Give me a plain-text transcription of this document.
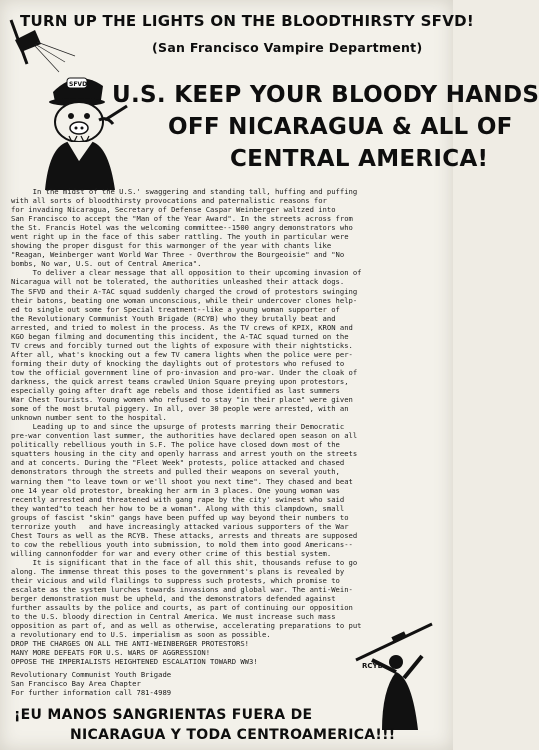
TURN UP THE LIGHTS ON THE BLOODTHIRSTY SFVD!
(San Francisco Vampire Department)
SFVD U.S. KEEP YOUR BLOODY HANDS
OFF NICARAGUA & ALL OF
CENTRAL AMERICA!
In the midst of the U.S.' swaggering and standing tall, huffing and puffing
with all sorts of bloodthirsty provocations and paternalistic reasons for
for invading Nicaragua, Secretary of Defense Caspar Weinberger waltzed into
San Francisco to accept the "Man of the Year Award". In the streets across from
the St. Francis Hotel was the welcoming committee--1500 angry demonstrators who
went right up in the face of this saber rattling. The youth in particular were
showing the proper disgust for this warmonger of the year with chants like
"Reagan, Weinberger want World War Three - Overthrow the Bourgeoisie" and "No
bombs, No war, U.S. out of Central America".
To deliver a clear message that all opposition to their upcoming invasion of
Nicaragua will not be tolerated, the authorities unleashed their attack dogs.
The SFVD and their A-TAC squad suddenly charged the crowd of protestors swinging
their batons, beating one woman unconscious, while their undercover clones help-
ed to single out some for Special treatment--like a young woman supporter of
the Revolutionary Communist Youth Brigade (RCYB) who they brutally beat and
arrested, and tried to molest in the process. As the TV crews of KPIX, KRON and
KGO began filming and documenting this incident, the A-TAC squad turned on the
TV crews and forcibly turned out the lights of exposure with their nightsticks.
After all, what's knocking out a few TV camera lights when the police were per-
forming their duty of knocking the daylights out of protestors who refused to
tow the official government line of pro-invasion and pro-war. Under the cloak of
darkness, the quick arrest teams crawled Union Square preying upon protestors,
especially going after draft age rebels and those identified as last summers
War Chest Tourists. Young women who refused to stay "in their place" were given
some of the most brutal piggery. In all, over 30 people were arrested, with an
unknown number sent to the hospital.
Leading up to and since the upsurge of protests marring their Democratic
pre-war convention last summer, the authorities have declared open season on all
politically rebellious youth in S.F. The police have closed down most of the
squatters housing in the city and openly harrass and arrest youth on the streets
and at concerts. During the "Fleet Week" protests, police attacked and chased
demonstrators through the streets and pulled their weapons on several youth,
warning them "to leave town or we'll shoot you next time". They chased and beat
one 14 year old protestor, breaking her arm in 3 places. One young woman was
recently arrested and threatened with gang rape by the city' swinest who said
they wanted"to teach her how to be a woman". Along with this clampdown, small
groups of fascist "skin" gangs have been puffed up way beyond their numbers to
terrorize youth   and have increasingly attacked various supporters of the War
Chest Tours as well as the RCYB. These attacks, arrests and threats are supposed
to cow the rebellious youth into submission, to mold them into good Americans--
willing cannonfodder for war and every other crime of this bestial system.
It is significant that in the face of all this shit, thousands refuse to go
along. The immense threat this poses to the government's plans is revealed by
their vicious and wild flailings to suppress such protests, which promise to
escalate as the system lurches towards invasions and global war. The anti-Wein-
berger demonstration must be upheld, and the demonstrators defended against
further assaults by the police and courts, as part of continuing our opposition
to the U.S. bloody direction in Central America. We must increase such mass
opposition as part of, and as well as otherwise, accelerating preparations to put
a revolutionary end to U.S. imperialism as soon as possible.
DROP THE CHARGES ON ALL THE ANTI-WEINBERGER PROTESTORS!
MANY MORE DEFEATS FOR U.S. WARS OF AGGRESSION!
OPPOSE THE IMPERIALISTS HEIGHTENED ESCALATION TOWARD WW3!
Revolutionary Communist Youth Brigade
San Francisco Bay Area Chapter
For further information call 781-4989
RCYB
¡EU MANOS SANGRIENTAS FUERA DE
NICARAGUA Y TODA CENTROAMERICA!!!
